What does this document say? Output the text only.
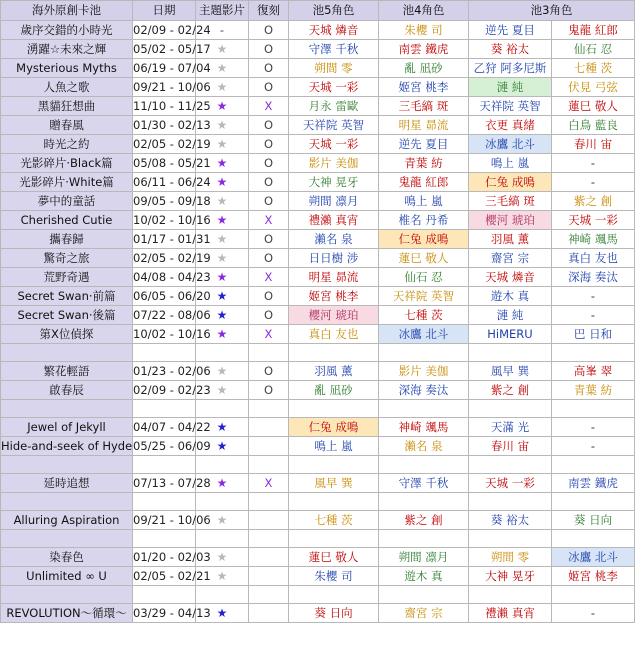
海外原創卡池	日期	主題影片	復刻	池5角色	池4角色	池3角色	
歲序交錯的小時光	02/09 - 02/24	-	O	天城 燐音	朱櫻 司	逆先 夏目	鬼龍 紅郎
湧躍☆未來之輝	05/02 - 05/17	★	O	守澤 千秋	南雲 鐵虎	葵 裕太	仙石 忍
Mysterious Myths	06/19 - 07/04	★	O	朔間 零	亂 凪砂	乙狩 阿多尼斯	七種 茨
人魚之歌	09/21 - 10/06	★	O	天城 一彩	姬宮 桃李	漣 純	伏見 弓弦
黑貓狂想曲	11/10 - 11/25	★	X	月永 雷歐	三毛縞 斑	天祥院 英智	蓮巳 敬人
贈春風	01/30 - 02/13	★	O	天祥院 英智	明星 昴流	衣更 真緒	白鳥 藍良
時光之約	02/05 - 02/19	★	O	天城 一彩	逆先 夏目	冰鷹 北斗	春川 宙
光影碎片·Black篇	05/08 - 05/21	★	O	影片 美伽	青葉 紡	鳴上 嵐	-
光影碎片·White篇	06/11 - 06/24	★	O	大神 晃牙	鬼龍 紅郎	仁兔 成鳴	-
夢中的童話	09/05 - 09/18	★	O	朔間 凛月	鳴上 嵐	三毛縞 斑	紫之 創
Cherished Cutie	10/02 - 10/16	★	X	禮瀨 真宵	椎名 丹希	櫻河 琥珀	天城 一彩
攜春歸	01/17 - 01/31	★	O	瀨名 泉	仁兔 成鳴	羽風 薰	神崎 颯馬
驚奇之旅	02/05 - 02/19	★	O	日日樹 涉	蓮巳 敬人	齋宮 宗	真白 友也
荒野奇遇	04/08 - 04/23	★	X	明星 昴流	仙石 忍	天城 燐音	深海 奏汰
Secret Swan·前篇	06/05 - 06/20	★	O	姬宮 桃李	天祥院 英智	遊木 真	-
Secret Swan·後篇	07/22 - 08/06	★	O	櫻河 琥珀	七種 茨	漣 純	-
第X位偵探	10/02 - 10/16	★	X	真白 友也	冰鷹 北斗	HiMERU	巴 日和

繁花輕語	01/23 - 02/06	★	O	羽風 薰	影片 美伽	風早 巽	高峯 翠
啟春辰	02/09 - 02/23	★	O	亂 凪砂	深海 奏汰	紫之 創	青葉 紡

Jewel of Jekyll	04/07 - 04/22	★		仁兔 成鳴	神崎 颯馬	天滿 光	-
Hide-and-seek of Hyde	05/25 - 06/09	★		鳴上 嵐	瀨名 泉	春川 宙	-

延時追想	07/13 - 07/28	★	X	風早 巽	守澤 千秋	天城 一彩	南雲 鐵虎

Alluring Aspiration	09/21 - 10/06	★		七種 茨	紫之 創	葵 裕太	葵 日向

染春色	01/20 - 02/03	★		蓮巳 敬人	朔間 凛月	朔間 零	冰鷹 北斗
Unlimited ∞ U	02/05 - 02/21	★		朱櫻 司	遊木 真	大神 晃牙	姬宮 桃李

REVOLUTION～循環～	03/29 - 04/13	★		葵 日向	齋宮 宗	禮瀨 真宵	-
